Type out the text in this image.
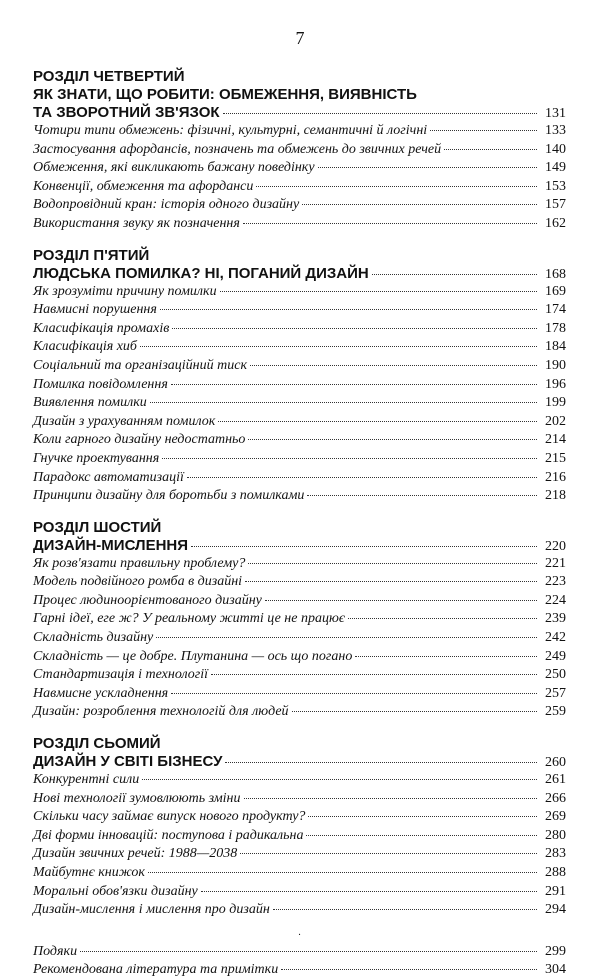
7
РОЗДІЛ ЧЕТВЕРТИЙ
ЯК ЗНАТИ, ЩО РОБИТИ: ОБМЕЖЕННЯ, ВИЯВНІСТЬ
ТА ЗВОРОТНИЙ ЗВ'ЯЗОК	131
Чотири типи обмежень: фізичні, культурні, семантичні й логічні	133
Застосування афордансів, позначень та обмежень до звичних речей	140
Обмеження, які викликають бажану поведінку	149
Конвенції, обмеження та афорданси	153
Водопровідний кран: історія одного дизайну	157
Використання звуку як позначення	162
РОЗДІЛ П'ЯТИЙ
ЛЮДСЬКА ПОМИЛКА? НІ, ПОГАНИЙ ДИЗАЙН	168
Як зрозуміти причину помилки	169
Навмисні порушення	174
Класифікація промахів	178
Класифікація хиб	184
Соціальний та організаційний тиск	190
Помилка повідомлення	196
Виявлення помилки	199
Дизайн з урахуванням помилок	202
Коли гарного дизайну недостатньо	214
Гнучке проектування	215
Парадокс автоматизації	216
Принципи дизайну для боротьби з помилками	218
РОЗДІЛ ШОСТИЙ
ДИЗАЙН-МИСЛЕННЯ	220
Як розв'язати правильну проблему?	221
Модель подвійного ромба в дизайні	223
Процес людиноорієнтованого дизайну	224
Гарні ідеї, еге ж? У реальному житті це не працює	239
Складність дизайну	242
Складність — це добре. Плутанина — ось що погано	249
Стандартизація і технології	250
Навмисне ускладнення	257
Дизайн: розроблення технологій для людей	259
РОЗДІЛ СЬОМИЙ
ДИЗАЙН У СВІТІ БІЗНЕСУ	260
Конкурентні сили	261
Нові технології зумовлюють зміни	266
Скільки часу займає випуск нового продукту?	269
Дві форми інновацій: поступова і радикальна	280
Дизайн звичних речей: 1988—2038	283
Майбутнє книжок	288
Моральні обов'язки дизайну	291
Дизайн-мислення і мислення про дизайн	294
·
Подяки	299
Рекомендована література та примітки	304
